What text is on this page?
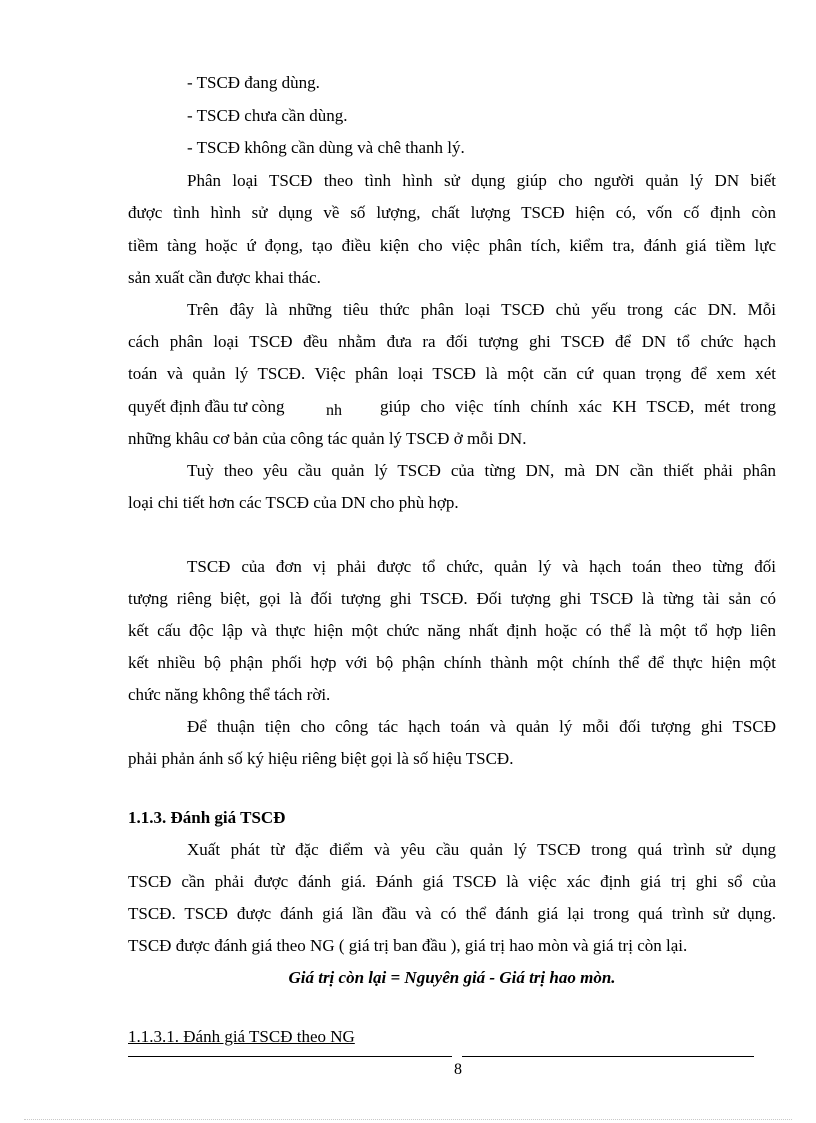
- TSCĐ đang dùng.
- TSCĐ chưa cần dùng.
- TSCĐ không cần dùng và chê thanh lý.
Phân loại TSCĐ theo tình hình sử dụng giúp cho người quản lý DN biết
được tình hình sử dụng về số lượng, chất lượng TSCĐ hiện có, vốn cố định còn
tiềm tàng hoặc ứ đọng, tạo điều kiện cho việc phân tích, kiểm tra, đánh giá tiềm lực
sản xuất cần được khai thác.
Trên đây là những tiêu thức phân loại TSCĐ chủ yếu trong các DN. Mỗi
cách phân loại TSCĐ đều nhằm đưa ra đối tượng ghi TSCĐ để DN tổ chức hạch
toán và quản lý TSCĐ. Việc phân loại TSCĐ là một căn cứ quan trọng để xem xét
quyết định đầu tư còng	nh giúp cho việc tính chính xác KH TSCĐ, mét trong
những khâu cơ bản của công tác quản lý TSCĐ ở mỗi DN.
Tuỳ theo yêu cầu quản lý TSCĐ của từng DN, mà DN cần thiết phải phân
loại chi tiết hơn các TSCĐ của DN cho phù hợp.
TSCĐ của đơn vị phải được tổ chức, quản lý và hạch toán theo từng đối
tượng riêng biệt, gọi là đối tượng ghi TSCĐ. Đối tượng ghi TSCĐ là từng tài sản có
kết cấu độc lập và thực hiện một chức năng nhất định hoặc có thể là một tổ hợp liên
kết nhiều bộ phận phối hợp với bộ phận chính thành một chính thể để thực hiện một
chức năng không thể tách rời.
Để thuận tiện cho công tác hạch toán và quản lý mỗi đối tượng ghi TSCĐ
phải phản ánh số ký hiệu riêng biệt gọi là số hiệu TSCĐ.
1.1.3. Đánh giá TSCĐ
Xuất phát từ đặc điểm và yêu cầu quản lý TSCĐ trong quá trình sử dụng
TSCĐ cần phải được đánh giá. Đánh giá TSCĐ là việc xác định giá trị ghi sổ của
TSCĐ. TSCĐ được đánh giá lần đầu và có thể đánh giá lại trong quá trình sử dụng.
TSCĐ được đánh giá theo NG ( giá trị ban đầu ), giá trị hao mòn và giá trị còn lại.
Giá trị còn lại = Nguyên giá - Giá trị hao mòn.
1.1.3.1. Đánh giá TSCĐ theo NG
8
